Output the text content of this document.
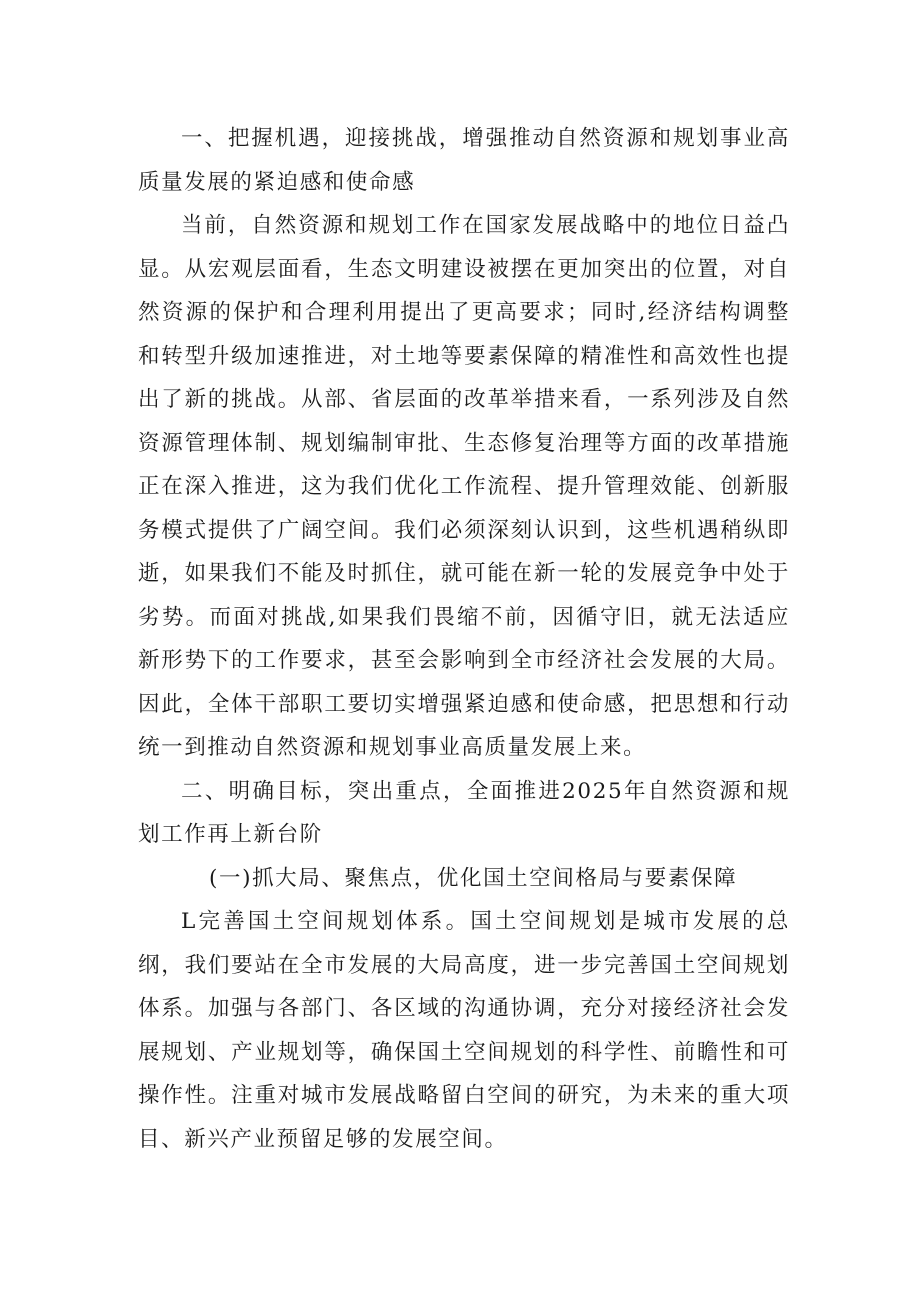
一、把握机遇，迎接挑战，增强推动自然资源和规划事业高质量发展的紧迫感和使命感

当前，自然资源和规划工作在国家发展战略中的地位日益凸显。从宏观层面看，生态文明建设被摆在更加突出的位置，对自然资源的保护和合理利用提出了更高要求；同时,经济结构调整和转型升级加速推进，对土地等要素保障的精准性和高效性也提出了新的挑战。从部、省层面的改革举措来看，一系列涉及自然资源管理体制、规划编制审批、生态修复治理等方面的改革措施正在深入推进，这为我们优化工作流程、提升管理效能、创新服务模式提供了广阔空间。我们必须深刻认识到，这些机遇稍纵即逝，如果我们不能及时抓住，就可能在新一轮的发展竞争中处于劣势。而面对挑战,如果我们畏缩不前，因循守旧，就无法适应新形势下的工作要求，甚至会影响到全市经济社会发展的大局。因此，全体干部职工要切实增强紧迫感和使命感，把思想和行动统一到推动自然资源和规划事业高质量发展上来。

二、明确目标，突出重点，全面推进2025年自然资源和规划工作再上新台阶

(一)抓大局、聚焦点，优化国土空间格局与要素保障

L完善国土空间规划体系。国土空间规划是城市发展的总纲，我们要站在全市发展的大局高度，进一步完善国土空间规划体系。加强与各部门、各区域的沟通协调，充分对接经济社会发展规划、产业规划等，确保国土空间规划的科学性、前瞻性和可操作性。注重对城市发展战略留白空间的研究，为未来的重大项目、新兴产业预留足够的发展空间。
